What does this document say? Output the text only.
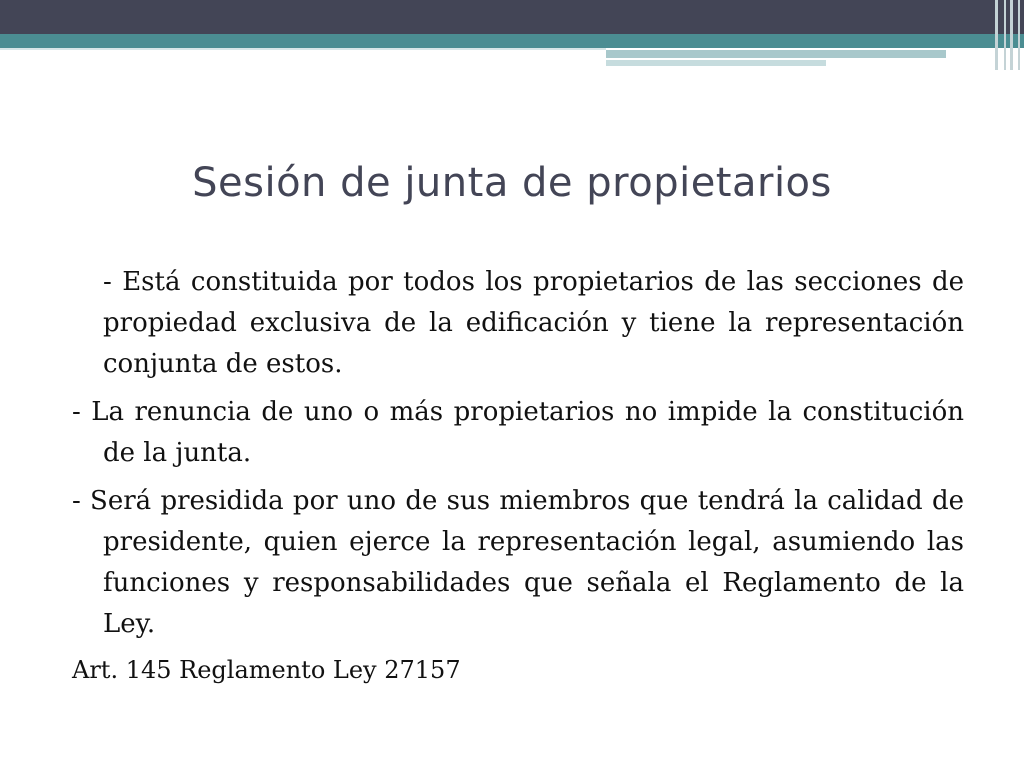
Sesión de junta de propietarios

- Está constituida por todos los propietarios de las secciones de propiedad exclusiva de la edificación y tiene la representación conjunta de estos.

- La renuncia de uno o más propietarios no impide la constitución de la junta.

- Será presidida por uno de sus miembros que tendrá la calidad de presidente, quien ejerce la representación legal, asumiendo las funciones y responsabilidades que señala el Reglamento de la Ley.

Art. 145 Reglamento Ley 27157
